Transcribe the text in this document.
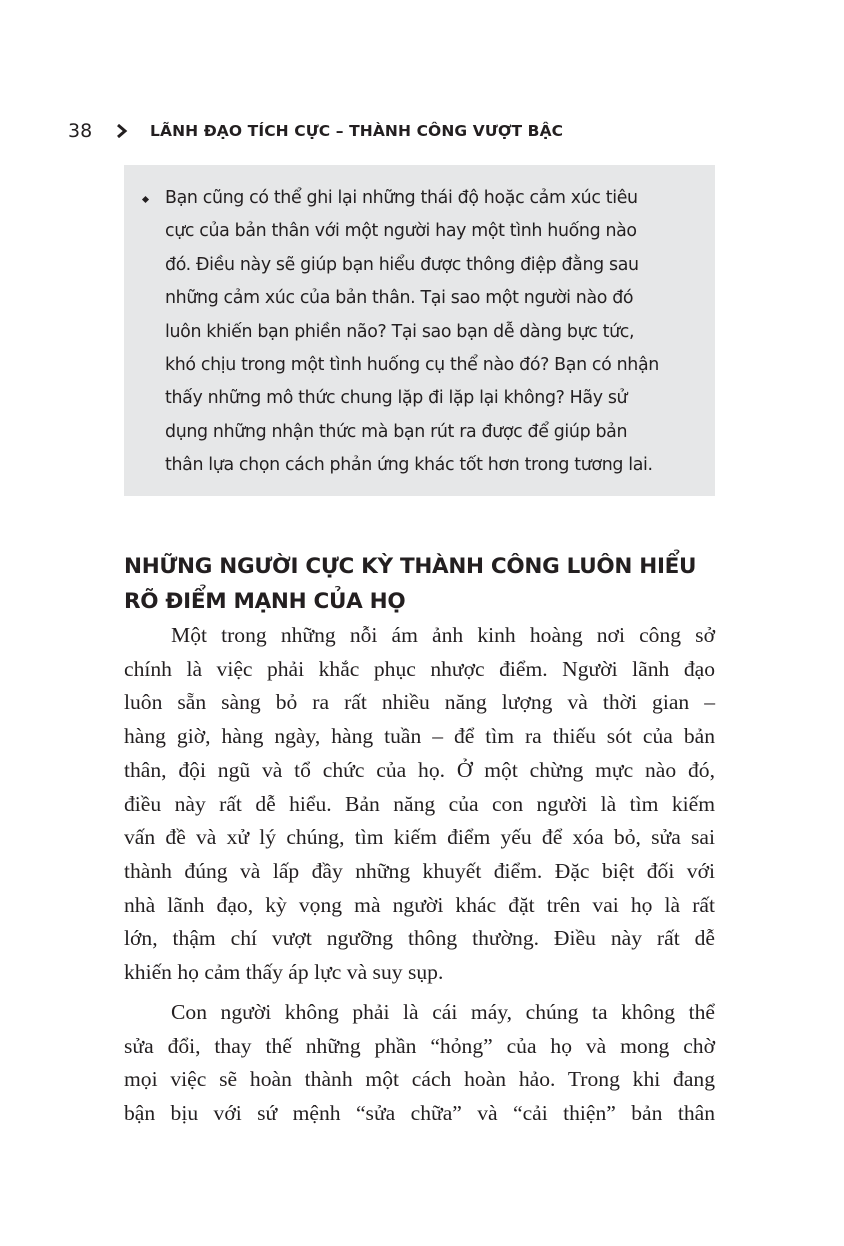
38	LÃNH ĐẠO TÍCH CỰC – THÀNH CÔNG VƯỢT BẬC
Bạn cũng có thể ghi lại những thái độ hoặc cảm xúc tiêu
cực của bản thân với một người hay một tình huống nào
đó. Điều này sẽ giúp bạn hiểu được thông điệp đằng sau
những cảm xúc của bản thân. Tại sao một người nào đó
luôn khiến bạn phiền não? Tại sao bạn dễ dàng bực tức,
khó chịu trong một tình huống cụ thể nào đó? Bạn có nhận
thấy những mô thức chung lặp đi lặp lại không? Hãy sử
dụng những nhận thức mà bạn rút ra được để giúp bản
thân lựa chọn cách phản ứng khác tốt hơn trong tương lai.
NHỮNG NGƯỜI CỰC KỲ THÀNH CÔNG LUÔN HIỂU
RÕ ĐIỂM MẠNH CỦA HỌ
Một trong những nỗi ám ảnh kinh hoàng nơi công sở
chính là việc phải khắc phục nhược điểm. Người lãnh đạo
luôn sẵn sàng bỏ ra rất nhiều năng lượng và thời gian –
hàng giờ, hàng ngày, hàng tuần – để tìm ra thiếu sót của bản
thân, đội ngũ và tổ chức của họ. Ở một chừng mực nào đó,
điều này rất dễ hiểu. Bản năng của con người là tìm kiếm
vấn đề và xử lý chúng, tìm kiếm điểm yếu để xóa bỏ, sửa sai
thành đúng và lấp đầy những khuyết điểm. Đặc biệt đối với
nhà lãnh đạo, kỳ vọng mà người khác đặt trên vai họ là rất
lớn, thậm chí vượt ngưỡng thông thường. Điều này rất dễ
khiến họ cảm thấy áp lực và suy sụp.
Con người không phải là cái máy, chúng ta không thể
sửa đổi, thay thế những phần “hỏng” của họ và mong chờ
mọi việc sẽ hoàn thành một cách hoàn hảo. Trong khi đang
bận bịu với sứ mệnh “sửa chữa” và “cải thiện” bản thân
